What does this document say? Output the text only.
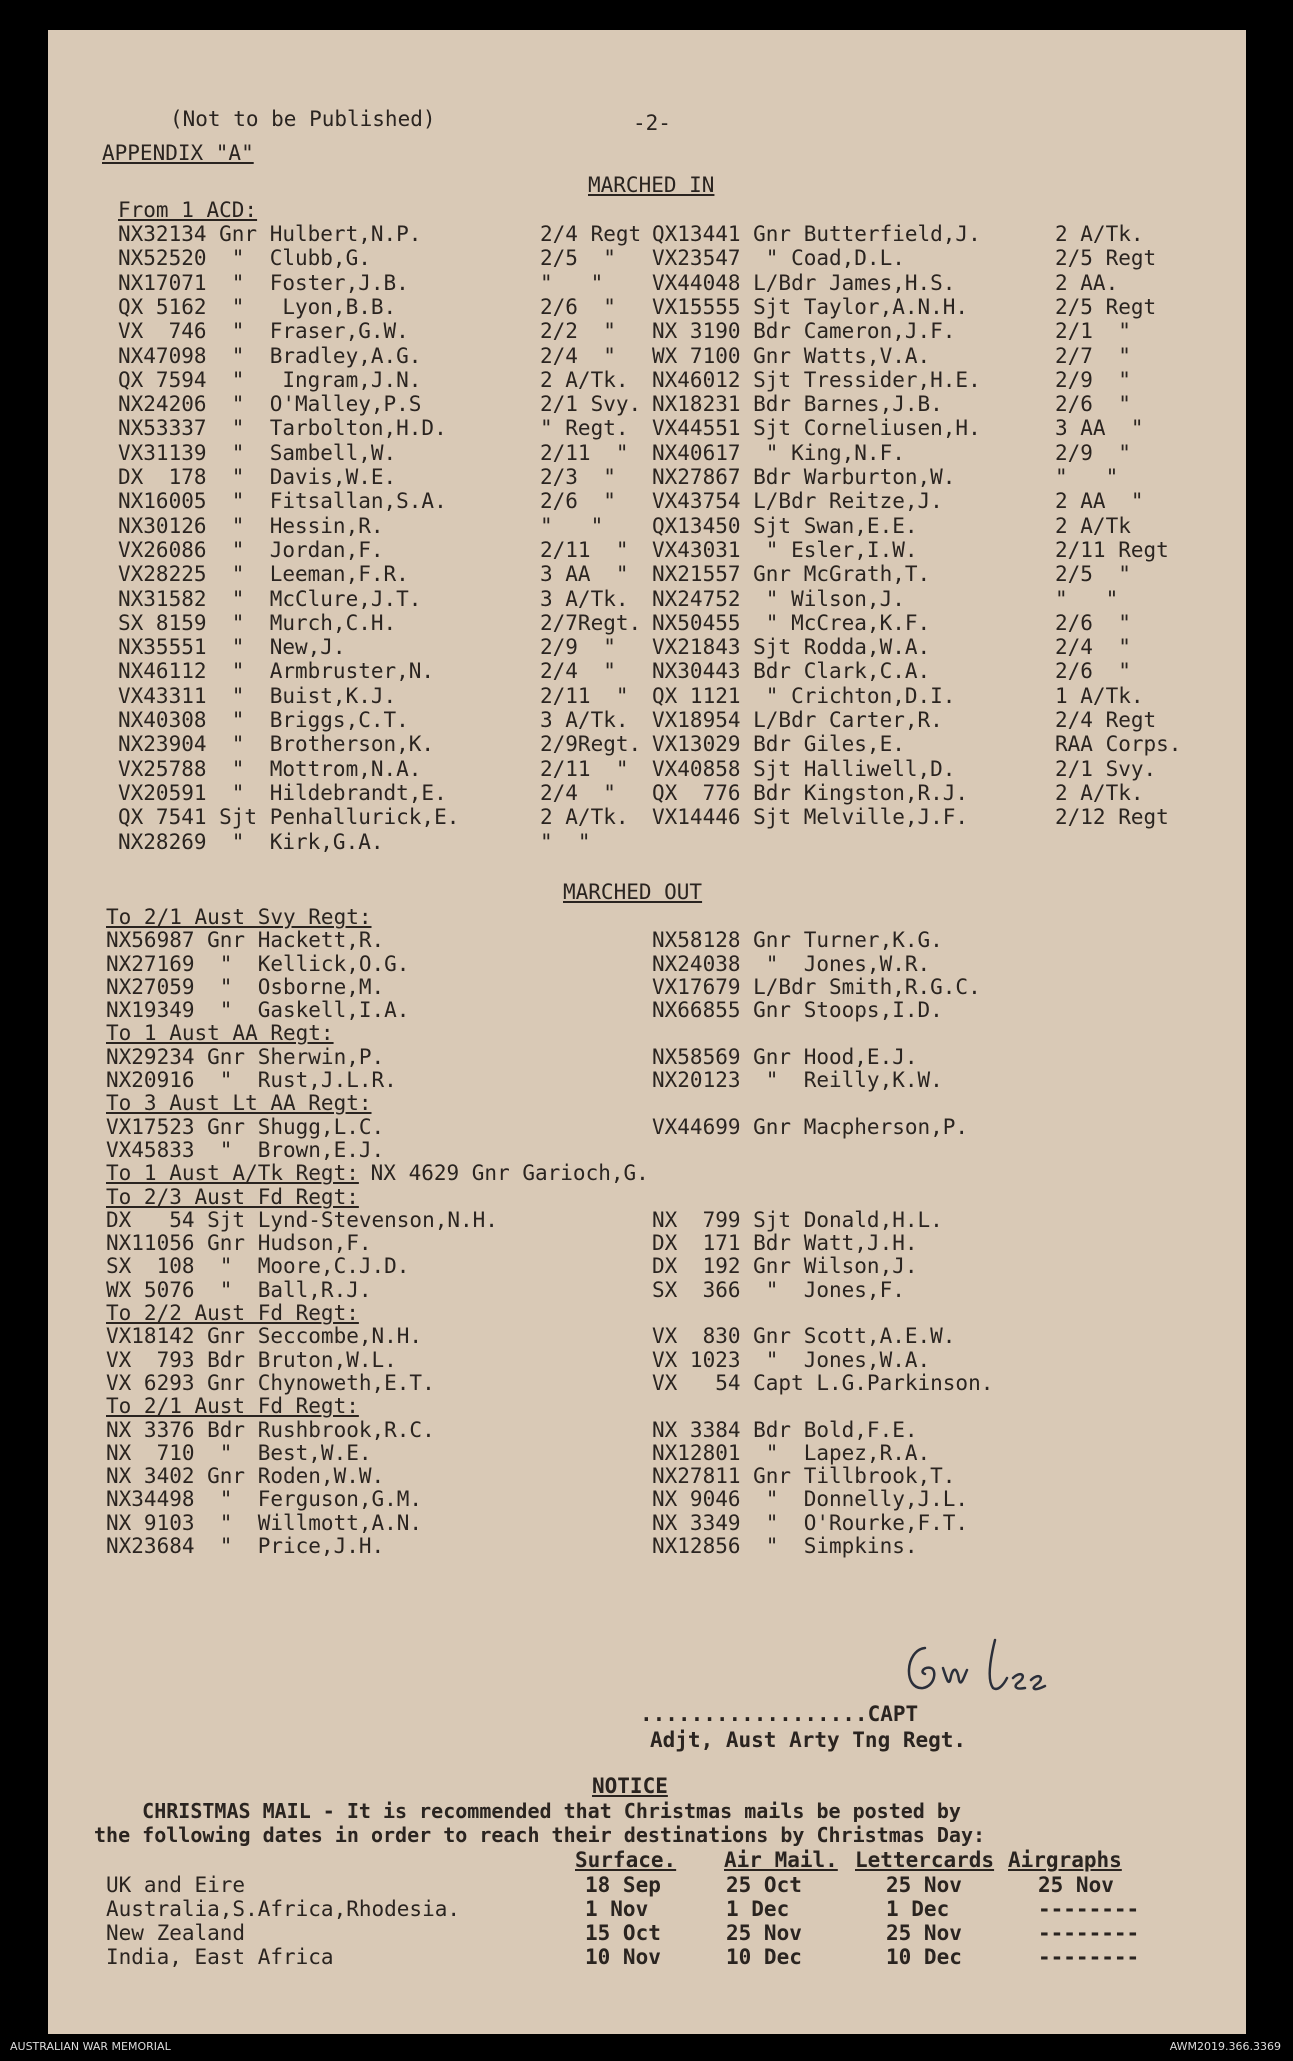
(Not to be Published)	-2-
APPENDIX "A"
MARCHED IN
From 1 ACD:
NX32134 Gnr Hulbert,N.P.	2/4 Regt QX13441 Gnr Butterfield,J.	2 A/Tk.
NX52520  "  Clubb,G.	2/5  " VX23547  " Coad,D.L.	2/5 Regt
NX17071  "  Foster,J.B.	"   " VX44048 L/Bdr James,H.S.	2 AA.
QX 5162  "   Lyon,B.B.	2/6  " VX15555 Sjt Taylor,A.N.H.	2/5 Regt
VX  746  "  Fraser,G.W.	2/2  " NX 3190 Bdr Cameron,J.F.	2/1  "
NX47098  "  Bradley,A.G.	2/4  " WX 7100 Gnr Watts,V.A.	2/7  "
QX 7594  "   Ingram,J.N.	2 A/Tk. NX46012 Sjt Tressider,H.E.	2/9  "
NX24206  "  O'Malley,P.S	2/1 Svy. NX18231 Bdr Barnes,J.B.	2/6  "
NX53337  "  Tarbolton,H.D.	" Regt. VX44551 Sjt Corneliusen,H.	3 AA  "
VX31139  "  Sambell,W.	2/11  " NX40617  " King,N.F.	2/9  "
DX  178  "  Davis,W.E.	2/3  " NX27867 Bdr Warburton,W.	"   "
NX16005  "  Fitsallan,S.A.	2/6  " VX43754 L/Bdr Reitze,J.	2 AA  "
NX30126  "  Hessin,R.	"   " QX13450 Sjt Swan,E.E.	2 A/Tk
VX26086  "  Jordan,F.	2/11  " VX43031  " Esler,I.W.	2/11 Regt
VX28225  "  Leeman,F.R.	3 AA  " NX21557 Gnr McGrath,T.	2/5  "
NX31582  "  McClure,J.T.	3 A/Tk. NX24752  " Wilson,J.	"   "
SX 8159  "  Murch,C.H.	2/7Regt. NX50455  " McCrea,K.F.	2/6  "
NX35551  "  New,J.	2/9  " VX21843 Sjt Rodda,W.A.	2/4  "
NX46112  "  Armbruster,N.	2/4  " NX30443 Bdr Clark,C.A.	2/6  "
VX43311  "  Buist,K.J.	2/11  " QX 1121  " Crichton,D.I.	1 A/Tk.
NX40308  "  Briggs,C.T.	3 A/Tk. VX18954 L/Bdr Carter,R.	2/4 Regt
NX23904  "  Brotherson,K.	2/9Regt. VX13029 Bdr Giles,E.	RAA Corps.
VX25788  "  Mottrom,N.A.	2/11  " VX40858 Sjt Halliwell,D.	2/1 Svy.
VX20591  "  Hildebrandt,E.	2/4  " QX  776 Bdr Kingston,R.J.	2 A/Tk.
QX 7541 Sjt Penhallurick,E.	2 A/Tk. VX14446 Sjt Melville,J.F.	2/12 Regt
NX28269  "  Kirk,G.A.	"  "
MARCHED OUT
To 2/1 Aust Svy Regt:
NX56987 Gnr Hackett,R.	NX58128 Gnr Turner,K.G.
NX27169  "  Kellick,O.G.	NX24038  "  Jones,W.R.
NX27059  "  Osborne,M.	VX17679 L/Bdr Smith,R.G.C.
NX19349  "  Gaskell,I.A.	NX66855 Gnr Stoops,I.D.
To 1 Aust AA Regt:
NX29234 Gnr Sherwin,P.	NX58569 Gnr Hood,E.J.
NX20916  "  Rust,J.L.R.	NX20123  "  Reilly,K.W.
To 3 Aust Lt AA Regt:
VX17523 Gnr Shugg,L.C.	VX44699 Gnr Macpherson,P.
VX45833  "  Brown,E.J.
To 1 Aust A/Tk Regt: NX 4629 Gnr Garioch,G.
To 2/3 Aust Fd Regt:
DX   54 Sjt Lynd-Stevenson,N.H.	NX  799 Sjt Donald,H.L.
NX11056 Gnr Hudson,F.	DX  171 Bdr Watt,J.H.
SX  108  "  Moore,C.J.D.	DX  192 Gnr Wilson,J.
WX 5076  "  Ball,R.J.	SX  366  "  Jones,F.
To 2/2 Aust Fd Regt:
VX18142 Gnr Seccombe,N.H.	VX  830 Gnr Scott,A.E.W.
VX  793 Bdr Bruton,W.L.	VX 1023  "  Jones,W.A.
VX 6293 Gnr Chynoweth,E.T.	VX   54 Capt L.G.Parkinson.
To 2/1 Aust Fd Regt:
NX 3376 Bdr Rushbrook,R.C.	NX 3384 Bdr Bold,F.E.
NX  710  "  Best,W.E.	NX12801  "  Lapez,R.A.
NX 3402 Gnr Roden,W.W.	NX27811 Gnr Tillbrook,T.
NX34498  "  Ferguson,G.M.	NX 9046  "  Donnelly,J.L.
NX 9103  "  Willmott,A.N.	NX 3349  "  O'Rourke,F.T.
NX23684  "  Price,J.H.	NX12856  "  Simpkins.
..................CAPT
Adjt, Aust Arty Tng Regt.
NOTICE
CHRISTMAS MAIL - It is recommended that Christmas mails be posted by
the following dates in order to reach their destinations by Christmas Day:
Surface. Air Mail. Lettercards Airgraphs
UK and Eire	18 Sep	25 Oct	25 Nov	25 Nov
Australia,S.Africa,Rhodesia.	1 Nov	1 Dec	1 Dec	--------
New Zealand	15 Oct	25 Nov	25 Nov	--------
India, East Africa	10 Nov	10 Dec	10 Dec	--------
AUSTRALIAN WAR MEMORIAL	AWM2019.366.3369
